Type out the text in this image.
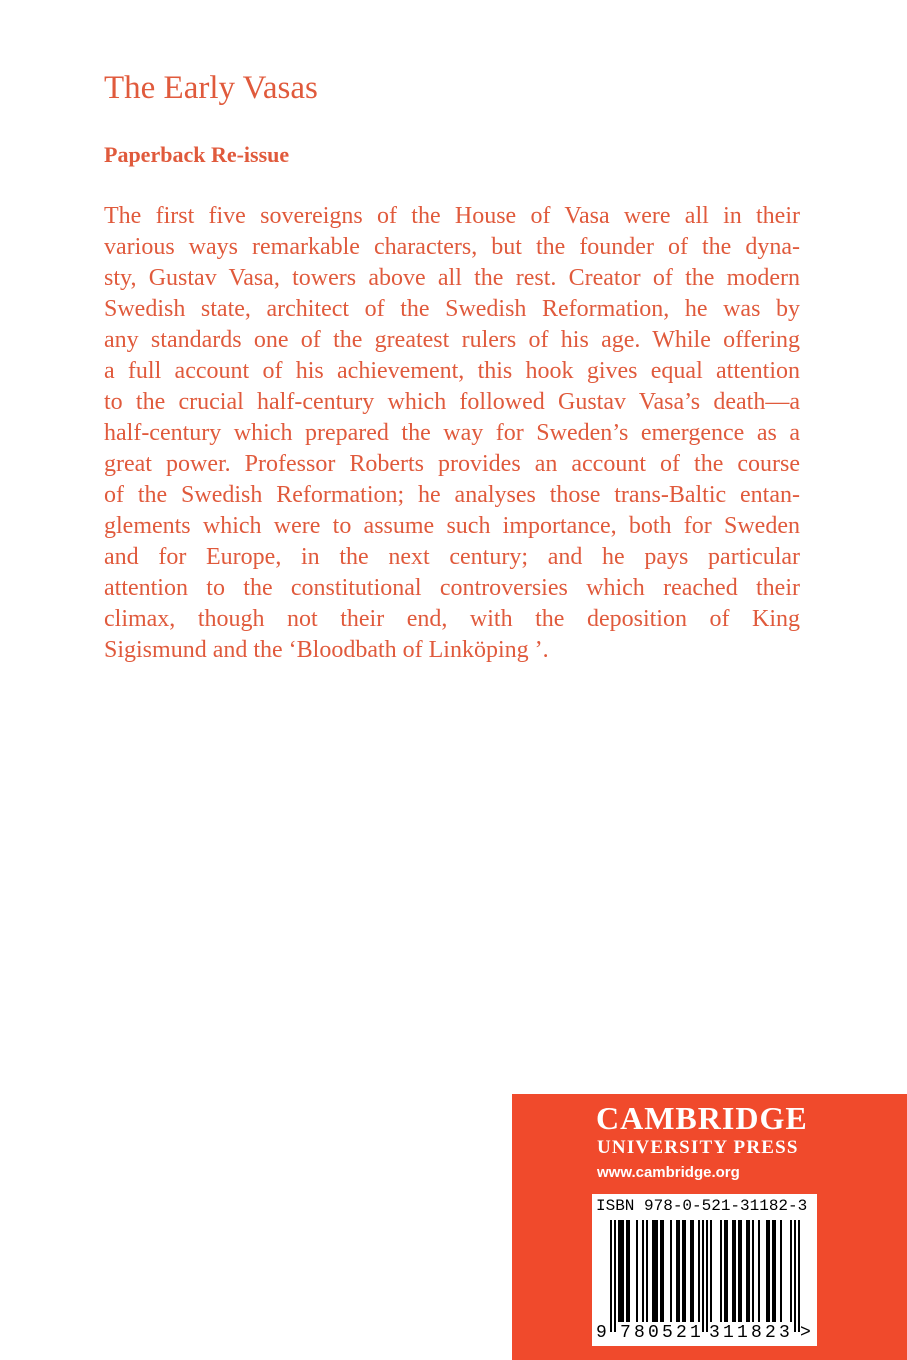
The Early Vasas
Paperback Re-issue
The first five sovereigns of the House of Vasa were all in their
various ways remarkable characters, but the founder of the dyna-
sty, Gustav Vasa, towers above all the rest. Creator of the modern
Swedish state, architect of the Swedish Reformation, he was by
any standards one of the greatest rulers of his age. While offering
a full account of his achievement, this hook gives equal attention
to the crucial half-century which followed Gustav Vasa’s death—a
half-century which prepared the way for Sweden’s emergence as a
great power. Professor Roberts provides an account of the course
of the Swedish Reformation; he analyses those trans-Baltic entan-
glements which were to assume such importance, both for Sweden
and for Europe, in the next century; and he pays particular
attention to the constitutional controversies which reached their
climax, though not their end, with the deposition of King
Sigismund and the ‘Bloodbath of Linköping ’.
CAMBRIDGE
UNIVERSITY PRESS
www.cambridge.org
ISBN 978-0-521-31182-3
9 780521 311823 >
